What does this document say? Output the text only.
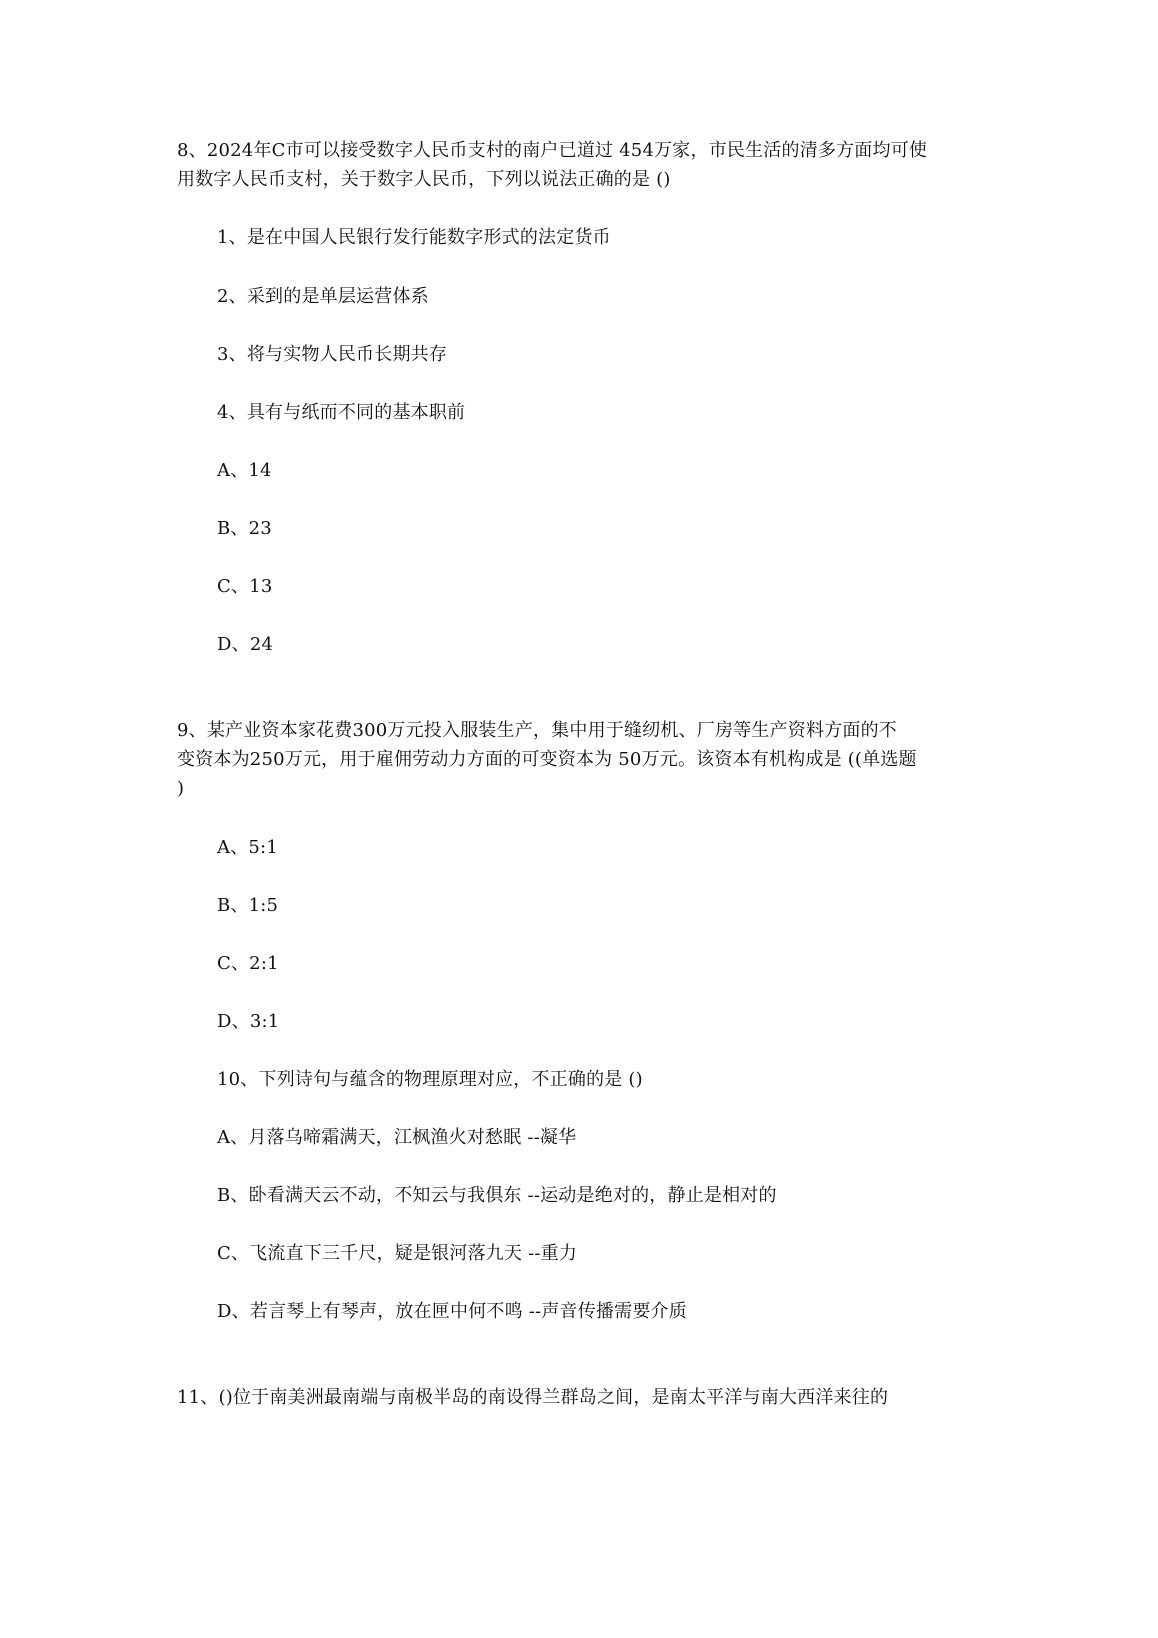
8、2024年C市可以接受数字人民币支村的南户已道过 454万家，市民生活的清多方面均可使
用数字人民币支村，关于数字人民币，下列以说法正确的是 ()
1、是在中国人民银行发行能数字形式的法定货币
2、采到的是单层运营体系
3、将与实物人民币长期共存
4、具有与纸而不同的基本职前
A、14
B、23
C、13
D、24
9、某产业资本家花费300万元投入服装生产，集中用于缝纫机、厂房等生产资料方面的不
变资本为250万元，用于雇佣劳动力方面的可变资本为 50万元。该资本有机构成是 ((单选题
)
A、5:1
B、1:5
C、2:1
D、3:1
10、下列诗句与蕴含的物理原理对应，不正确的是 ()
A、月落乌啼霜满天，江枫渔火对愁眠 --凝华
B、卧看满天云不动，不知云与我俱东 --运动是绝对的，静止是相对的
C、飞流直下三千尺，疑是银河落九天 --重力
D、若言琴上有琴声，放在匣中何不鸣 --声音传播需要介质
11、()位于南美洲最南端与南极半岛的南设得兰群岛之间，是南太平洋与南大西洋来往的
